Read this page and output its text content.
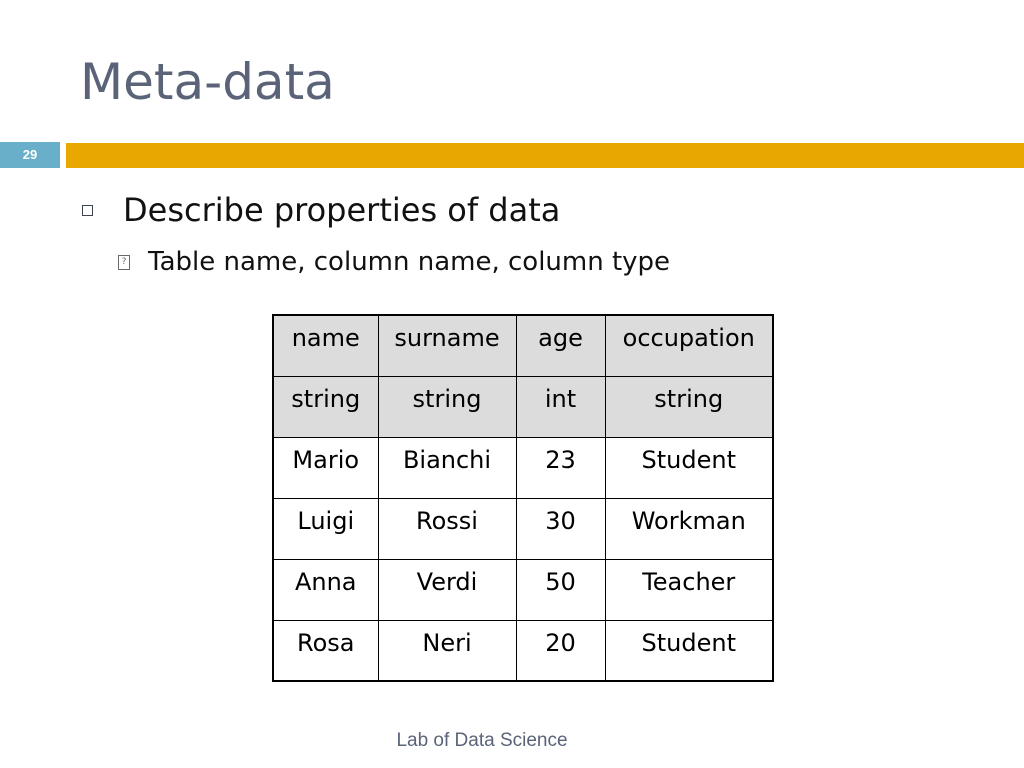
Meta-data
29
Describe properties of data
? Table name, column name, column type
name	surname	age	occupation
string	string	int	string
Mario	Bianchi	23	Student
Luigi	Rossi	30	Workman
Anna	Verdi	50	Teacher
Rosa	Neri	20	Student
Lab of Data Science
